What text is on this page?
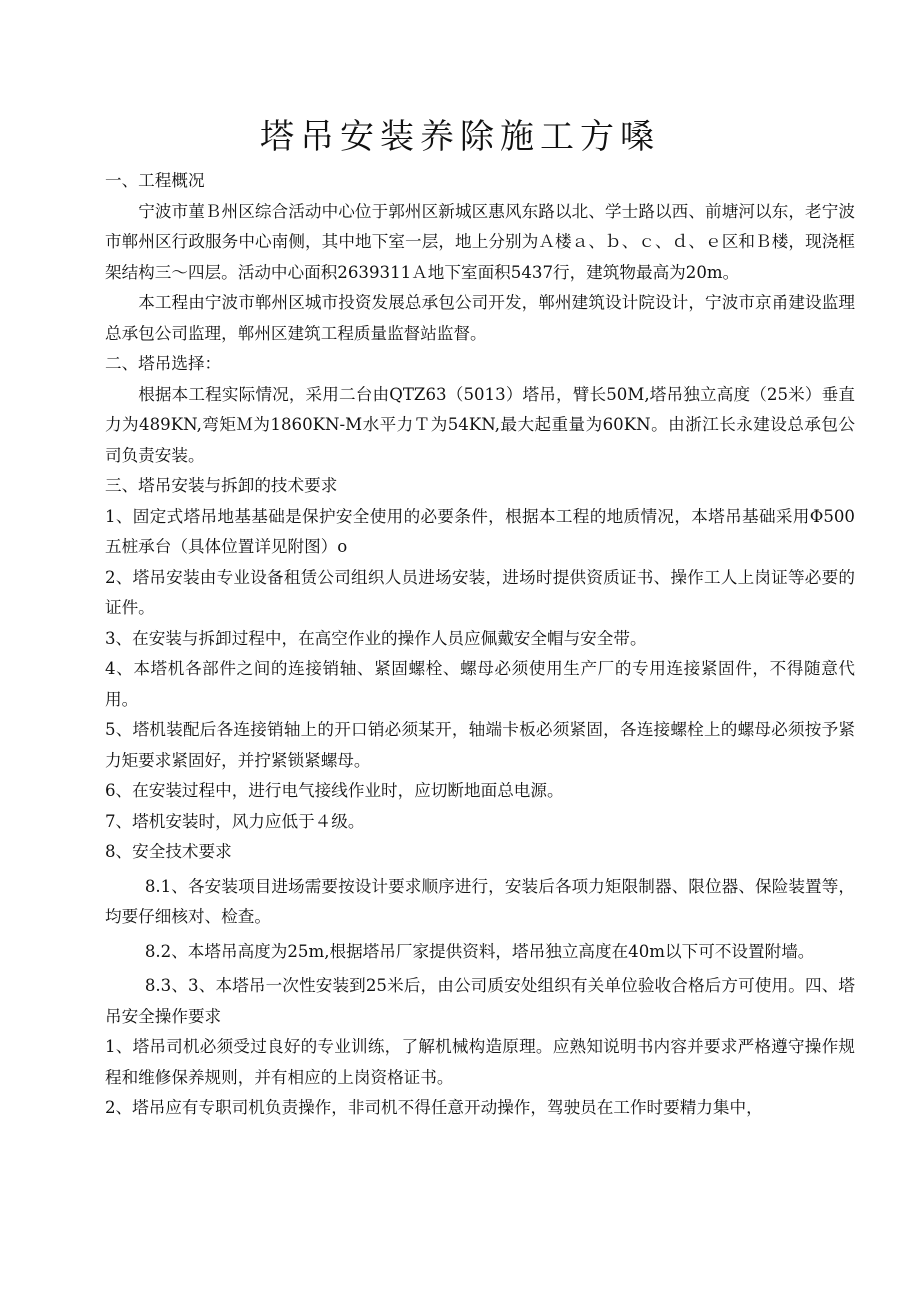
塔吊安装养除施工方嗓

一、工程概况

宁波市菫Ｂ州区综合活动中心位于郭州区新城区惠风东路以北、学士路以西、前塘河以东，老宁波市郸州区行政服务中心南侧，其中地下室一层，地上分别为Ａ楼ａ、ｂ、ｃ、ｄ、ｅ区和Ｂ楼，现浇框架结构三～四层。活动中心面积2639311Ａ地下室面积5437行，建筑物最高为20m。

本工程由宁波市郸州区城市投资发展总承包公司开发，郸州建筑设计院设计，宁波市京甬建设监理总承包公司监理，郸州区建筑工程质量监督站监督。

二、塔吊选择：

根据本工程实际情况，采用二台由QTZ63（5013）塔吊，臂长50M,塔吊独立高度（25米）垂直力为489KN,弯矩Ｍ为1860KN-M水平力Ｔ为54KN,最大起重量为60KN。由浙江长永建设总承包公司负责安装。

三、塔吊安装与拆卸的技术要求

1、固定式塔吊地基基础是保护安全使用的必要条件，根据本工程的地质情况，本塔吊基础采用Φ500五桩承台（具体位置详见附图）o

2、塔吊安装由专业设备租赁公司组织人员进场安装，进场时提供资质证书、操作工人上岗证等必要的证件。

3、在安装与拆卸过程中，在高空作业的操作人员应佩戴安全帽与安全带。

4、本塔机各部件之间的连接销轴、紧固螺栓、螺母必须使用生产厂的专用连接紧固件，不得随意代用。

5、塔机装配后各连接销轴上的开口销必须某开，轴端卡板必须紧固，各连接螺栓上的螺母必须按予紧力矩要求紧固好，并拧紧锁紧螺母。

6、在安装过程中，进行电气接线作业时，应切断地面总电源。

7、塔机安装时，风力应低于４级。

8、安全技术要求

8.1、各安装项目进场需要按设计要求顺序进行，安装后各项力矩限制器、限位器、保险装置等，均要仔细核对、检查。

8.2、本塔吊高度为25m,根据塔吊厂家提供资料，塔吊独立高度在40m以下可不设置附墙。

8.3、3、本塔吊一次性安装到25米后，由公司质安处组织有关单位验收合格后方可使用。四、塔吊安全操作要求

1、塔吊司机必须受过良好的专业训练，了解机械构造原理。应熟知说明书内容并要求严格遵守操作规程和维修保养规则，并有相应的上岗资格证书。

2、塔吊应有专职司机负责操作，非司机不得任意开动操作，驾驶员在工作时要精力集中，
